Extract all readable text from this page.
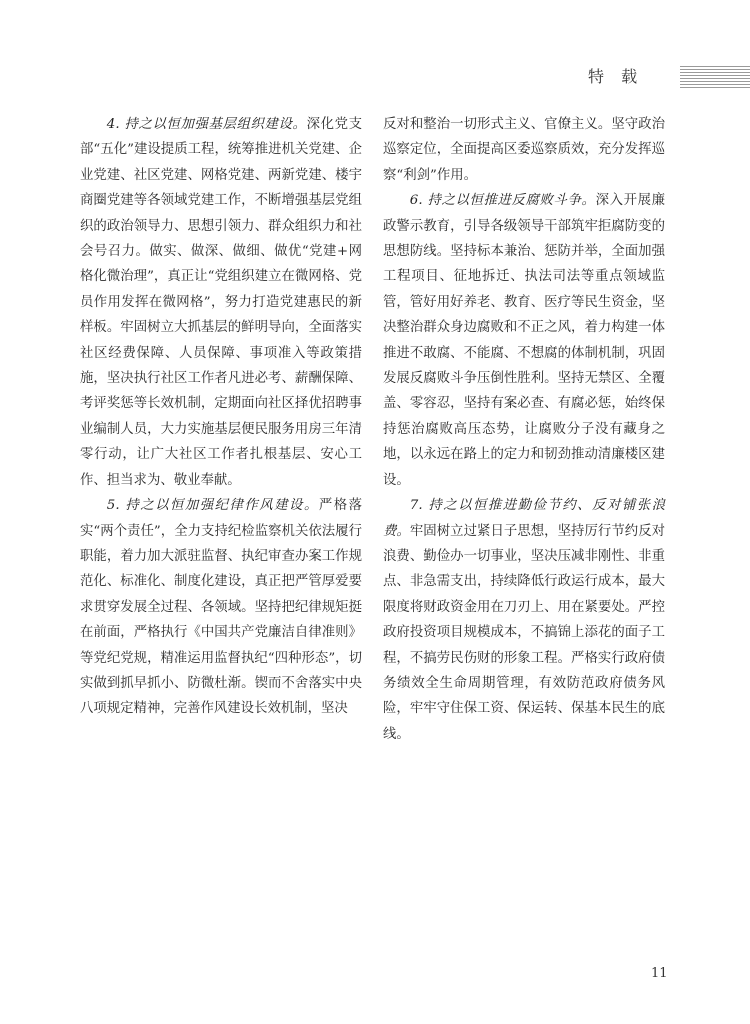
特 载

4. 持之以恒加强基层组织建设。深化党支部“五化”建设提质工程，统筹推进机关党建、企业党建、社区党建、网格党建、两新党建、楼宇商圈党建等各领域党建工作，不断增强基层党组织的政治领导力、思想引领力、群众组织力和社会号召力。做实、做深、做细、做优“党建+网格化微治理”，真正让“党组织建立在微网格、党员作用发挥在微网格”，努力打造党建惠民的新样板。牢固树立大抓基层的鲜明导向，全面落实社区经费保障、人员保障、事项准入等政策措施，坚决执行社区工作者凡进必考、薪酬保障、考评奖惩等长效机制，定期面向社区择优招聘事业编制人员，大力实施基层便民服务用房三年清零行动，让广大社区工作者扎根基层、安心工作、担当求为、敬业奉献。

5. 持之以恒加强纪律作风建设。严格落实“两个责任”，全力支持纪检监察机关依法履行职能，着力加大派驻监督、执纪审查办案工作规范化、标准化、制度化建设，真正把严管厚爱要求贯穿发展全过程、各领域。坚持把纪律规矩挺在前面，严格执行《中国共产党廉洁自律准则》等党纪党规，精准运用监督执纪“四种形态”，切实做到抓早抓小、防微杜渐。锲而不舍落实中央八项规定精神，完善作风建设长效机制，坚决

反对和整治一切形式主义、官僚主义。坚守政治巡察定位，全面提高区委巡察质效，充分发挥巡察“利剑”作用。

6. 持之以恒推进反腐败斗争。深入开展廉政警示教育，引导各级领导干部筑牢拒腐防变的思想防线。坚持标本兼治、惩防并举，全面加强工程项目、征地拆迁、执法司法等重点领域监管，管好用好养老、教育、医疗等民生资金，坚决整治群众身边腐败和不正之风，着力构建一体推进不敢腐、不能腐、不想腐的体制机制，巩固发展反腐败斗争压倒性胜利。坚持无禁区、全覆盖、零容忍，坚持有案必查、有腐必惩，始终保持惩治腐败高压态势，让腐败分子没有藏身之地，以永远在路上的定力和韧劲推动清廉楼区建设。

7. 持之以恒推进勤俭节约、反对铺张浪费。牢固树立过紧日子思想，坚持厉行节约反对浪费、勤俭办一切事业，坚决压减非刚性、非重点、非急需支出，持续降低行政运行成本，最大限度将财政资金用在刀刃上、用在紧要处。严控政府投资项目规模成本，不搞锦上添花的面子工程，不搞劳民伤财的形象工程。严格实行政府债务绩效全生命周期管理，有效防范政府债务风险，牢牢守住保工资、保运转、保基本民生的底线。

11
